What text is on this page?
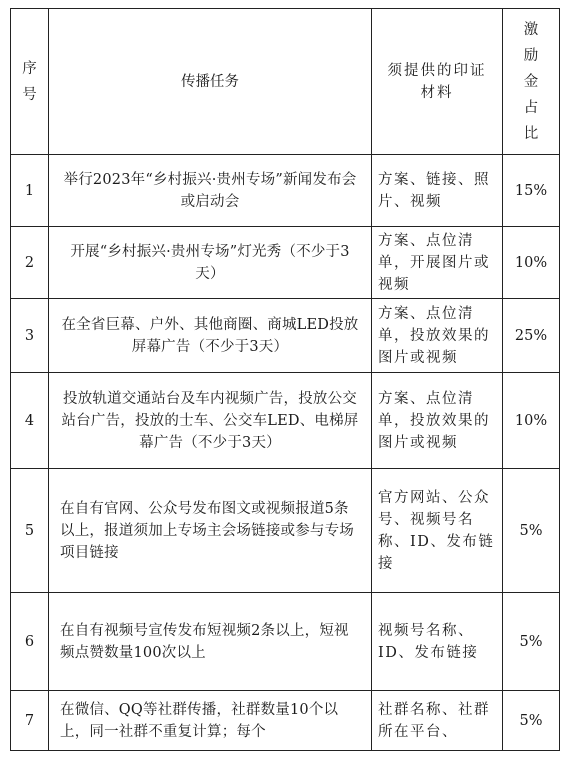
序号	传播任务	须提供的印证材料	激励金占比

1	举行2023年“乡村振兴·贵州专场”新闻发布会或启动会	方案、链接、照片、视频	15%
2	开展“乡村振兴·贵州专场”灯光秀（不少于3天）	方案、点位清单，开展图片或视频	10%
3	在全省巨幕、户外、其他商圈、商城LED投放屏幕广告（不少于3天）	方案、点位清单，投放效果的图片或视频	25%
4	投放轨道交通站台及车内视频广告，投放公交站台广告，投放的士车、公交车LED、电梯屏幕广告（不少于3天）	方案、点位清单，投放效果的图片或视频	10%
5	在自有官网、公众号发布图文或视频报道5条以上，报道须加上专场主会场链接或参与专场项目链接	官方网站、公众号、视频号名称、ID、发布链接	5%
6	在自有视频号宣传发布短视频2条以上，短视频点赞数量100次以上	视频号名称、ID、发布链接	5%
7	在微信、QQ等社群传播，社群数量10个以上，同一社群不重复计算；每个	社群名称、社群所在平台、	5%
